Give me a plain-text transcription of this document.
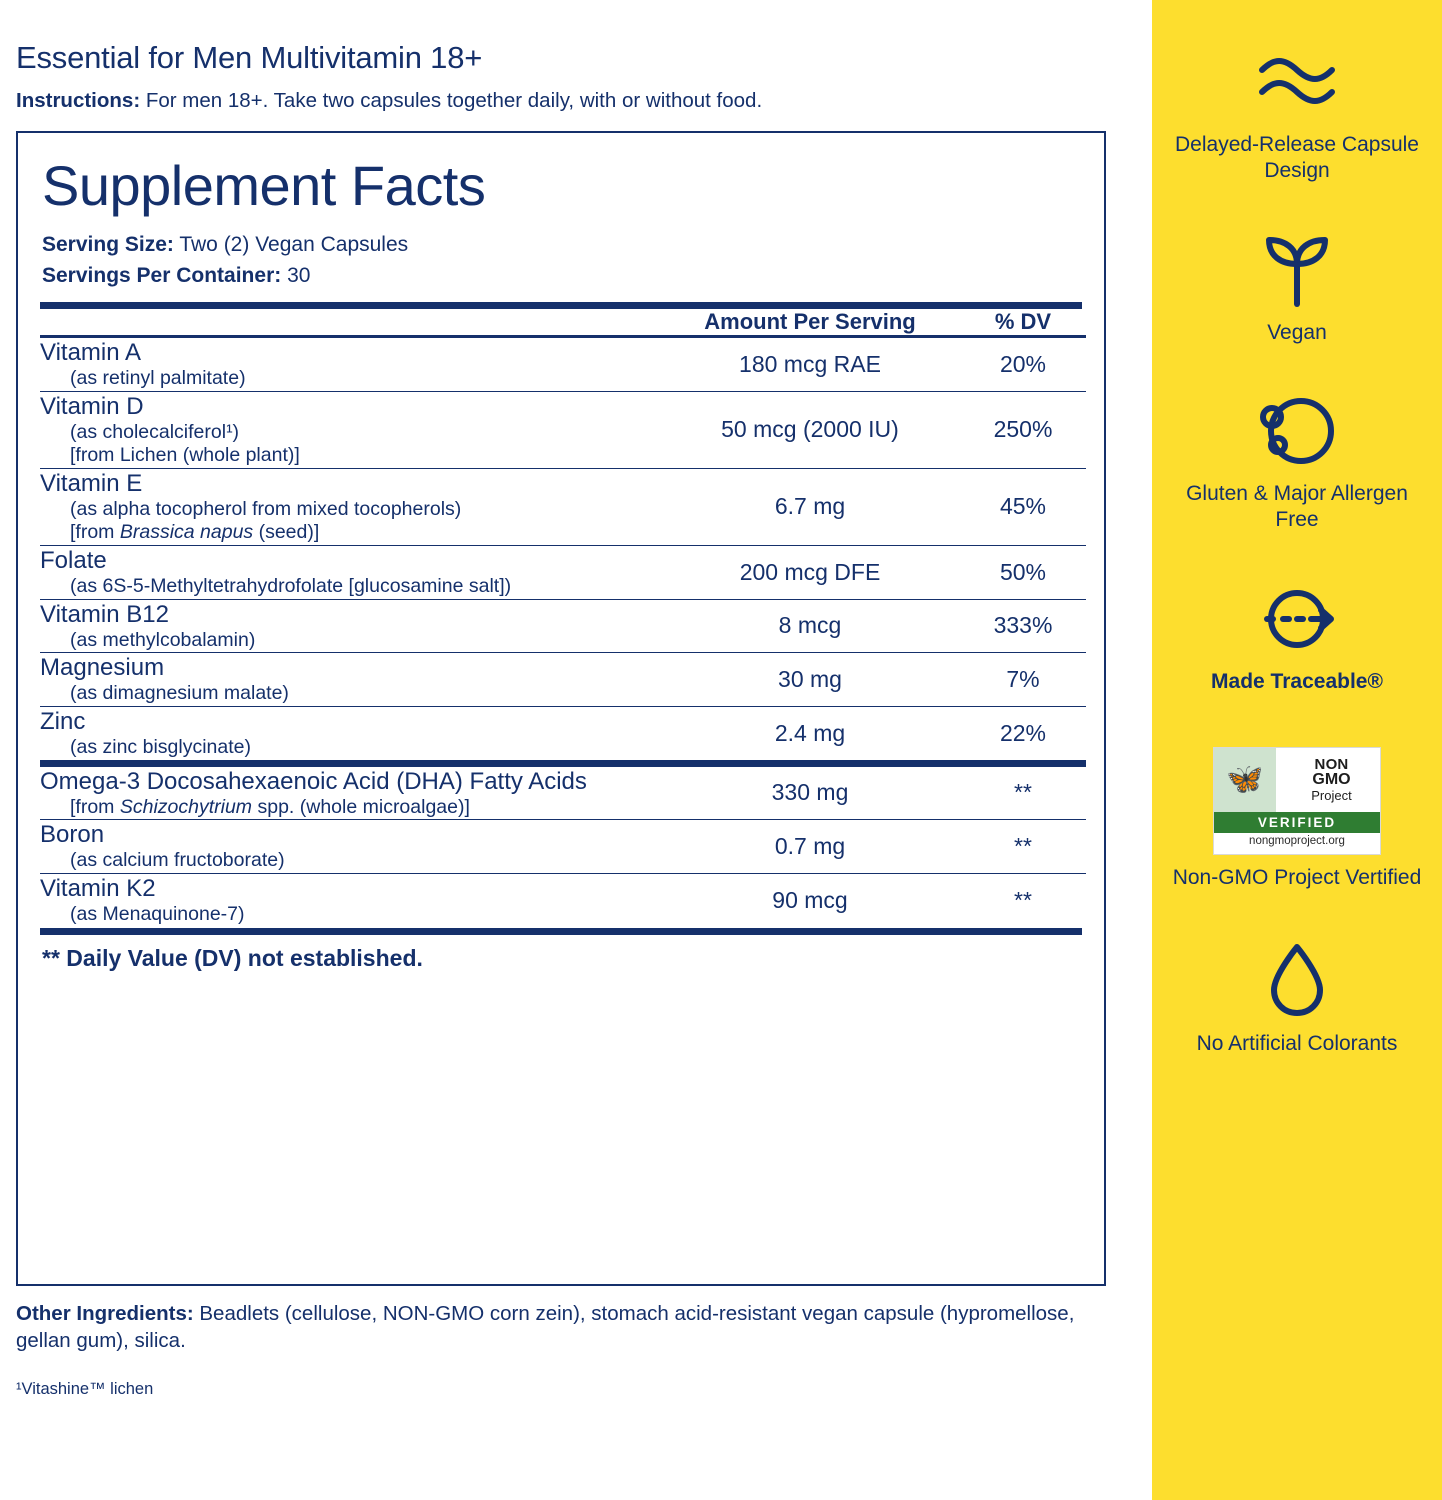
Essential for Men Multivitamin 18+
Instructions: For men 18+. Take two capsules together daily, with or without food.
Supplement Facts
Serving Size: Two (2) Vegan Capsules
Servings Per Container: 30
	Amount Per Serving	% DV
Vitamin A
(as retinyl palmitate)	180 mcg RAE	20%
Vitamin D
(as cholecalciferol¹)
[from Lichen (whole plant)]	50 mcg (2000 IU)	250%
Vitamin E
(as alpha tocopherol from mixed tocopherols)
[from Brassica napus (seed)]	6.7 mg	45%
Folate
(as 6S-5-Methyltetrahydrofolate [glucosamine salt])	200 mcg DFE	50%
Vitamin B12
(as methylcobalamin)	8 mcg	333%
Magnesium
(as dimagnesium malate)	30 mg	7%
Zinc
(as zinc bisglycinate)	2.4 mg	22%
Omega-3 Docosahexaenoic Acid (DHA) Fatty Acids
[from Schizochytrium spp. (whole microalgae)]	330 mg	**
Boron
(as calcium fructoborate)	0.7 mg	**
Vitamin K2
(as Menaquinone-7)	90 mcg	**
** Daily Value (DV) not established.
Other Ingredients: Beadlets (cellulose, NON-GMO corn zein), stomach acid-resistant vegan capsule (hypromellose, gellan gum), silica.
¹Vitashine™ lichen
Delayed-Release Capsule Design
Vegan
Gluten & Major Allergen Free
Made Traceable®
🦋	NON
GMO
Project
VERIFIED
nongmoproject.org
Non-GMO Project Vertified
No Artificial Colorants
